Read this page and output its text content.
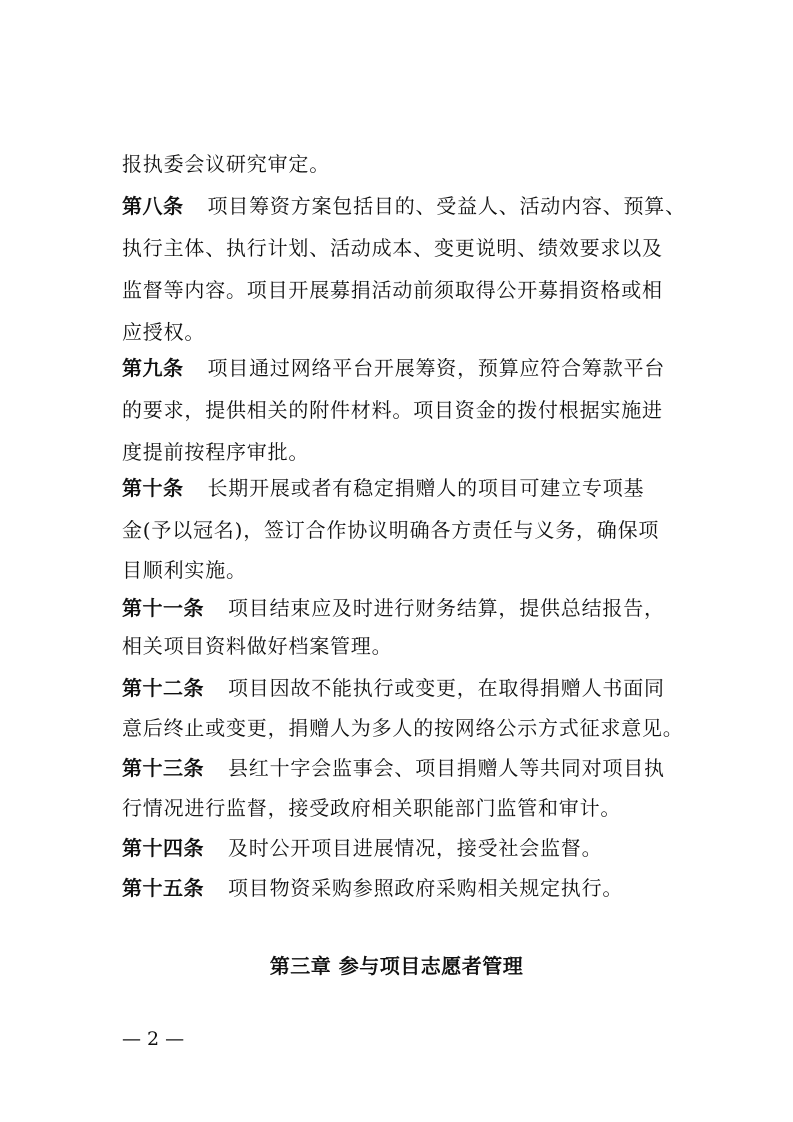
报执委会议研究审定。
第八条 项目筹资方案包括目的、受益人、活动内容、预算、
执行主体、执行计划、活动成本、变更说明、绩效要求以及
监督等内容。项目开展募捐活动前须取得公开募捐资格或相
应授权。
第九条 项目通过网络平台开展筹资，预算应符合筹款平台
的要求，提供相关的附件材料。项目资金的拨付根据实施进
度提前按程序审批。
第十条 长期开展或者有稳定捐赠人的项目可建立专项基
金(予以冠名)，签订合作协议明确各方责任与义务，确保项
目顺利实施。
第十一条 项目结束应及时进行财务结算，提供总结报告，
相关项目资料做好档案管理。
第十二条 项目因故不能执行或变更，在取得捐赠人书面同
意后终止或变更，捐赠人为多人的按网络公示方式征求意见。
第十三条 县红十字会监事会、项目捐赠人等共同对项目执
行情况进行监督，接受政府相关职能部门监管和审计。
第十四条 及时公开项目进展情况，接受社会监督。
第十五条 项目物资采购参照政府采购相关规定执行。
第三章 参与项目志愿者管理
— 2 —
